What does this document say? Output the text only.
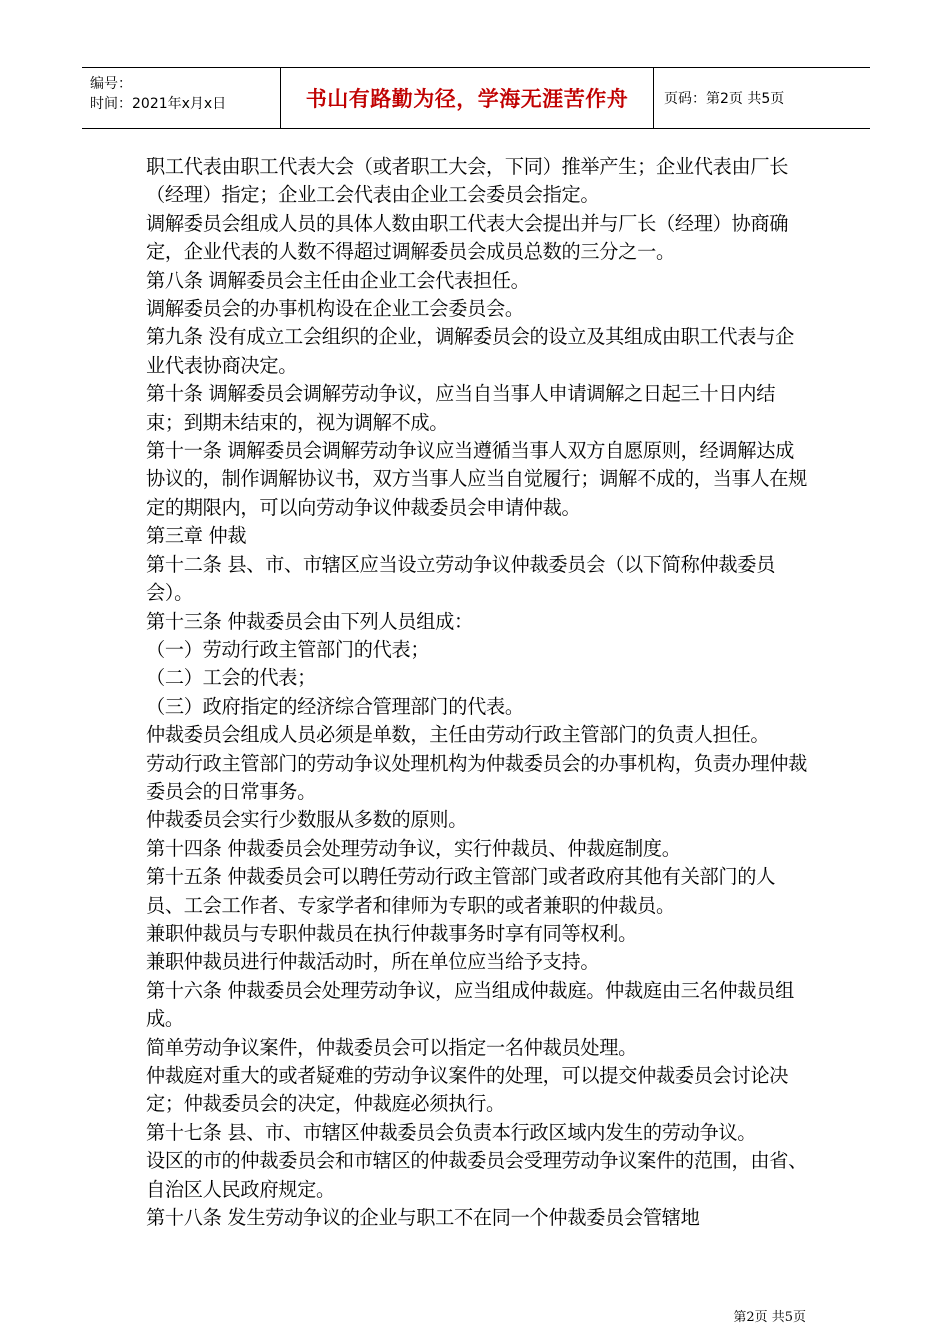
编号：
时间：2021年x月x日	书山有路勤为径，学海无涯苦作舟	页码：第2页 共5页

职工代表由职工代表大会（或者职工大会，下同）推举产生；企业代表由厂长（经理）指定；企业工会代表由企业工会委员会指定。

调解委员会组成人员的具体人数由职工代表大会提出并与厂长（经理）协商确定，企业代表的人数不得超过调解委员会成员总数的三分之一。

第八条 调解委员会主任由企业工会代表担任。

调解委员会的办事机构设在企业工会委员会。

第九条 没有成立工会组织的企业，调解委员会的设立及其组成由职工代表与企业代表协商决定。

第十条 调解委员会调解劳动争议，应当自当事人申请调解之日起三十日内结束；到期未结束的，视为调解不成。

第十一条 调解委员会调解劳动争议应当遵循当事人双方自愿原则，经调解达成协议的，制作调解协议书，双方当事人应当自觉履行；调解不成的，当事人在规定的期限内，可以向劳动争议仲裁委员会申请仲裁。

第三章 仲裁

第十二条 县、市、市辖区应当设立劳动争议仲裁委员会（以下简称仲裁委员会）。

第十三条 仲裁委员会由下列人员组成：

（一）劳动行政主管部门的代表；

（二）工会的代表；

（三）政府指定的经济综合管理部门的代表。

仲裁委员会组成人员必须是单数，主任由劳动行政主管部门的负责人担任。

劳动行政主管部门的劳动争议处理机构为仲裁委员会的办事机构，负责办理仲裁委员会的日常事务。

仲裁委员会实行少数服从多数的原则。

第十四条 仲裁委员会处理劳动争议，实行仲裁员、仲裁庭制度。

第十五条 仲裁委员会可以聘任劳动行政主管部门或者政府其他有关部门的人员、工会工作者、专家学者和律师为专职的或者兼职的仲裁员。

兼职仲裁员与专职仲裁员在执行仲裁事务时享有同等权利。

兼职仲裁员进行仲裁活动时，所在单位应当给予支持。

第十六条 仲裁委员会处理劳动争议，应当组成仲裁庭。仲裁庭由三名仲裁员组成。

简单劳动争议案件，仲裁委员会可以指定一名仲裁员处理。

仲裁庭对重大的或者疑难的劳动争议案件的处理，可以提交仲裁委员会讨论决定；仲裁委员会的决定，仲裁庭必须执行。

第十七条 县、市、市辖区仲裁委员会负责本行政区域内发生的劳动争议。

设区的市的仲裁委员会和市辖区的仲裁委员会受理劳动争议案件的范围，由省、自治区人民政府规定。

第十八条 发生劳动争议的企业与职工不在同一个仲裁委员会管辖地

第2页 共5页
